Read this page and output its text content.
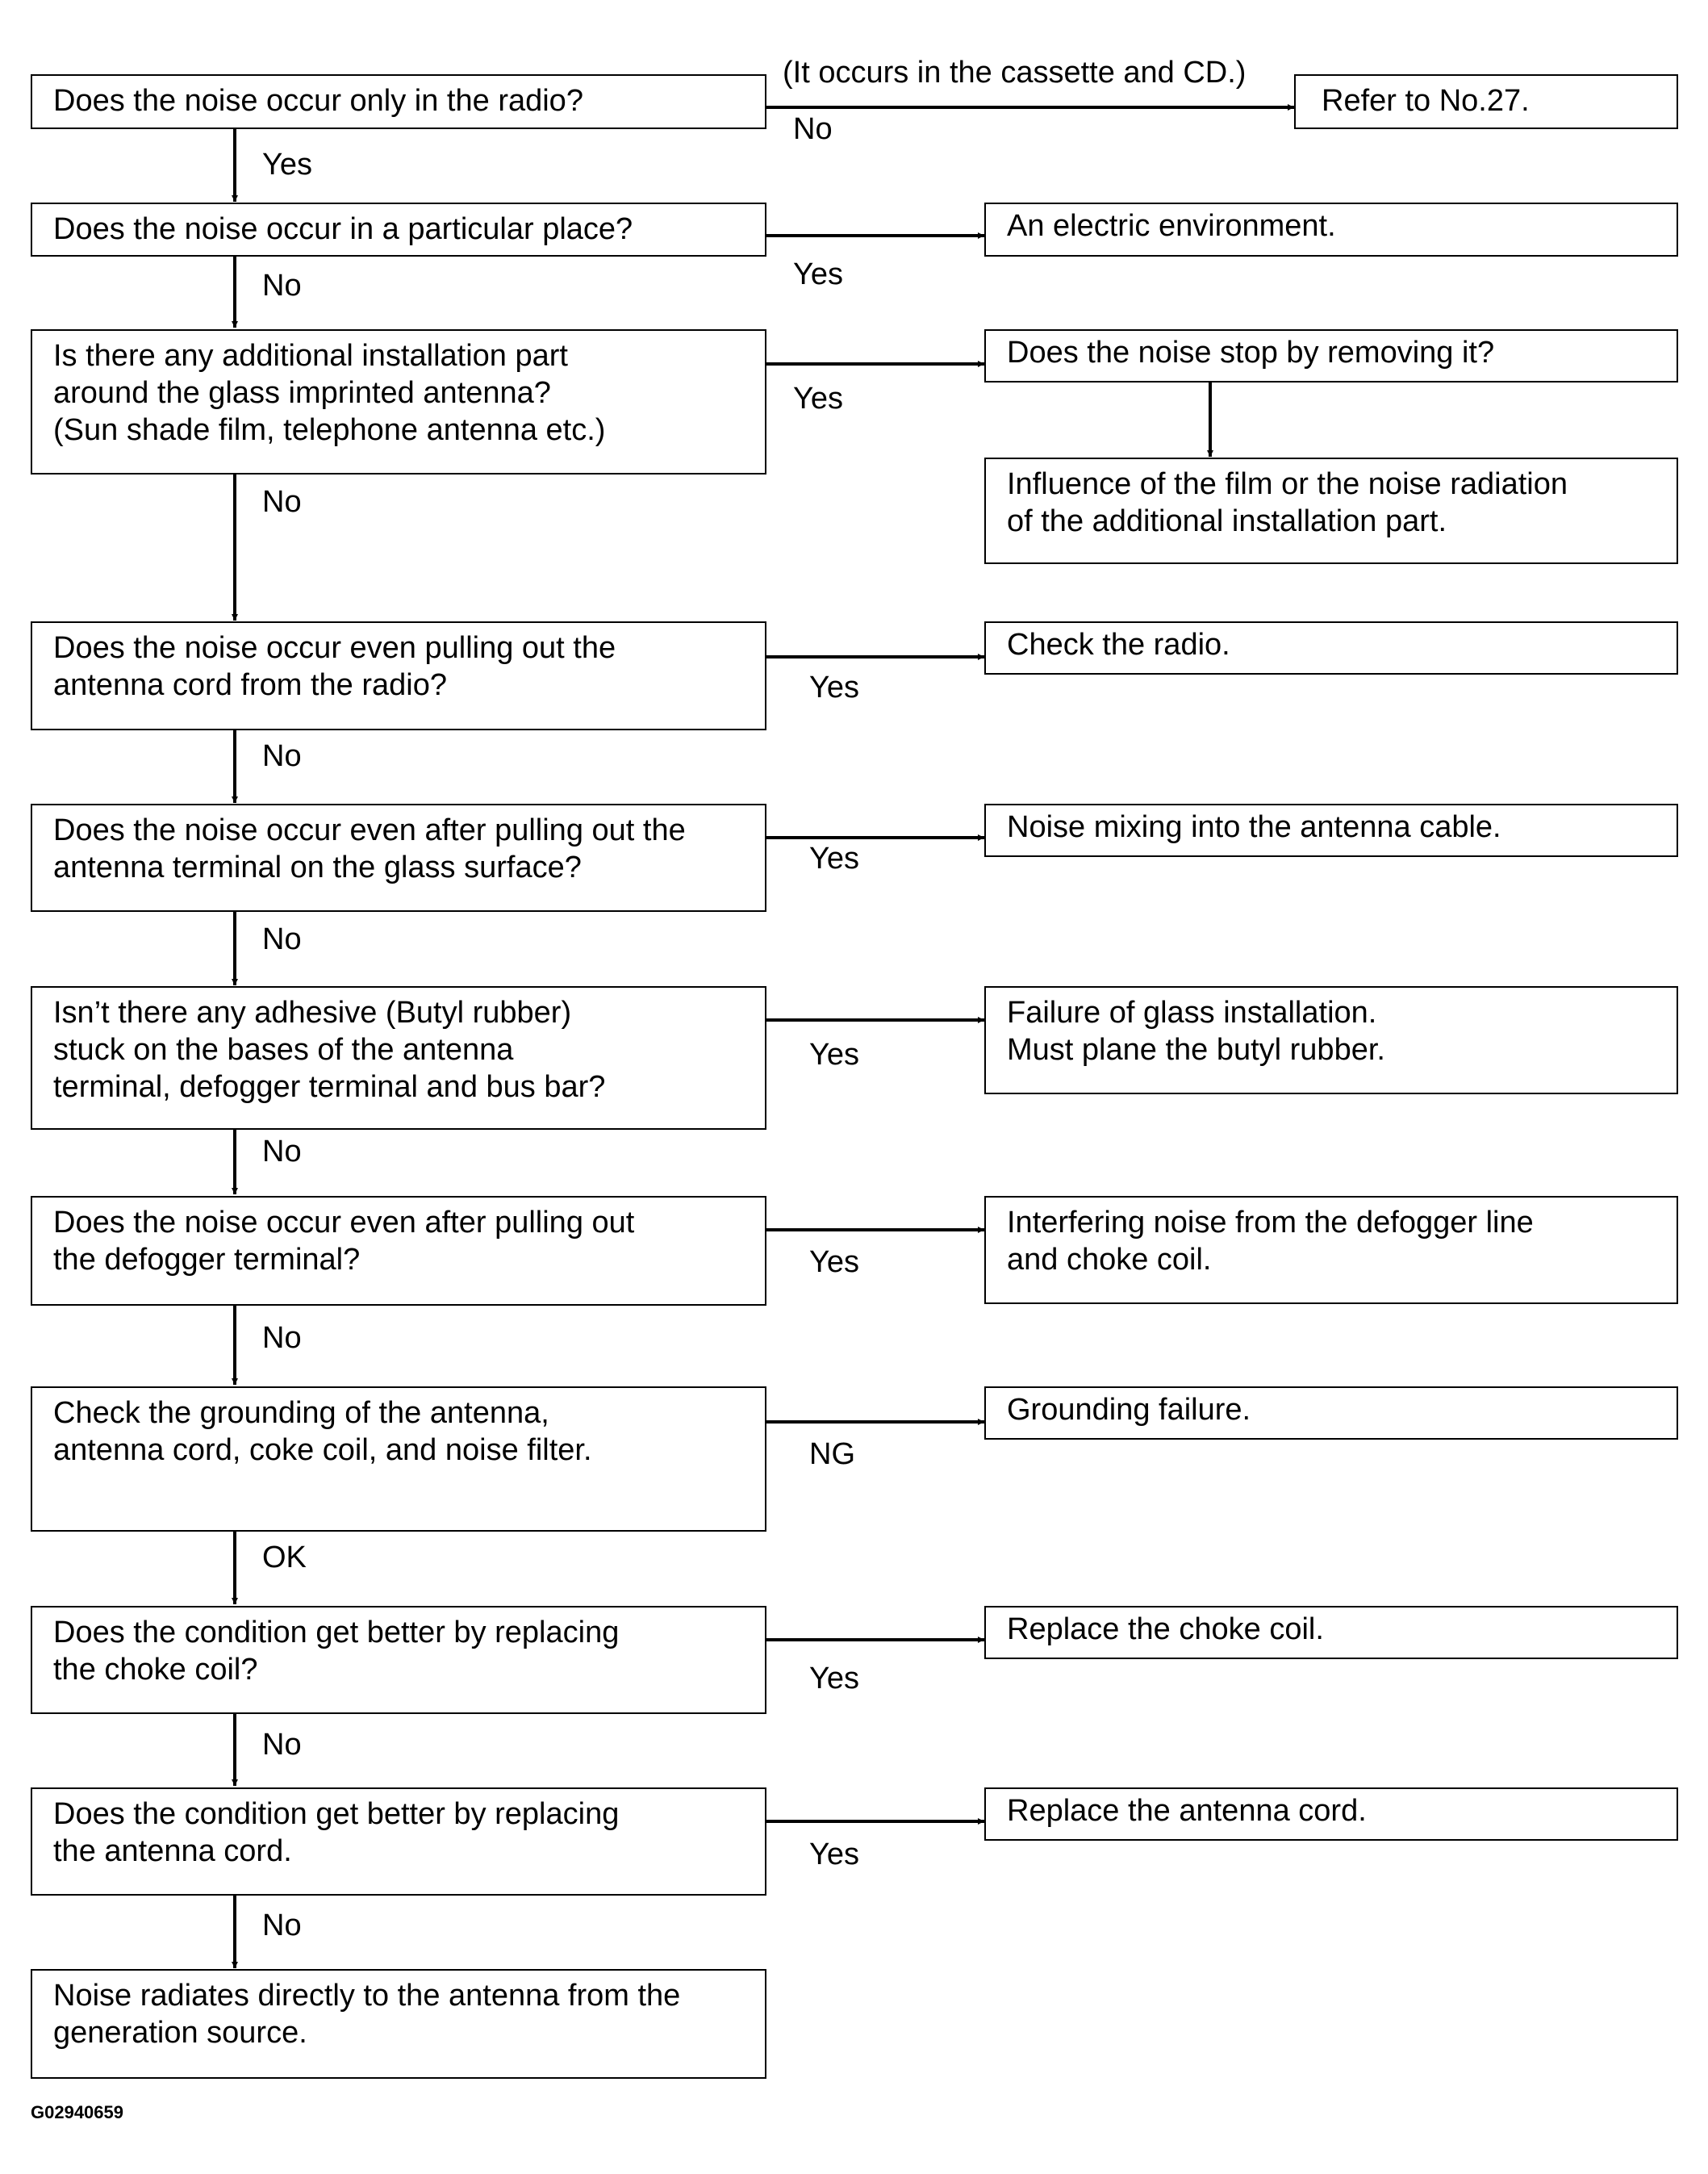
Does the noise occur only in the radio?
Does the noise occur in a particular place?
Is there any additional installation part
around the glass imprinted antenna?
(Sun shade film, telephone antenna etc.)
Does the noise occur even pulling out the
antenna cord from the radio?
Does the noise occur even after pulling out the
antenna terminal on the glass surface?
Isn’t there any adhesive (Butyl rubber)
stuck on the bases of the antenna
terminal, defogger terminal and bus bar?
Does the noise occur even after pulling out
the defogger terminal?
Check the grounding of the antenna,
antenna cord, coke coil, and noise filter.
Does the condition get better by replacing
the choke coil?
Does the condition get better by replacing
the antenna cord.
Noise radiates directly to the antenna from the
generation source.
Refer to No.27.
An electric environment.
Does the noise stop by removing it?
Influence of the film or the noise radiation
of the additional installation part.
Check the radio.
Noise mixing into the antenna cable.
Failure of glass installation.
Must plane the butyl rubber.
Interfering noise from the defogger line
and choke coil.
Grounding failure.
Replace the choke coil.
Replace the antenna cord.
(It occurs in the cassette and CD.)
No
Yes
Yes
No
Yes
No
Yes
No
Yes
No
Yes
No
Yes
No
NG
OK
Yes
No
Yes
No
G02940659
